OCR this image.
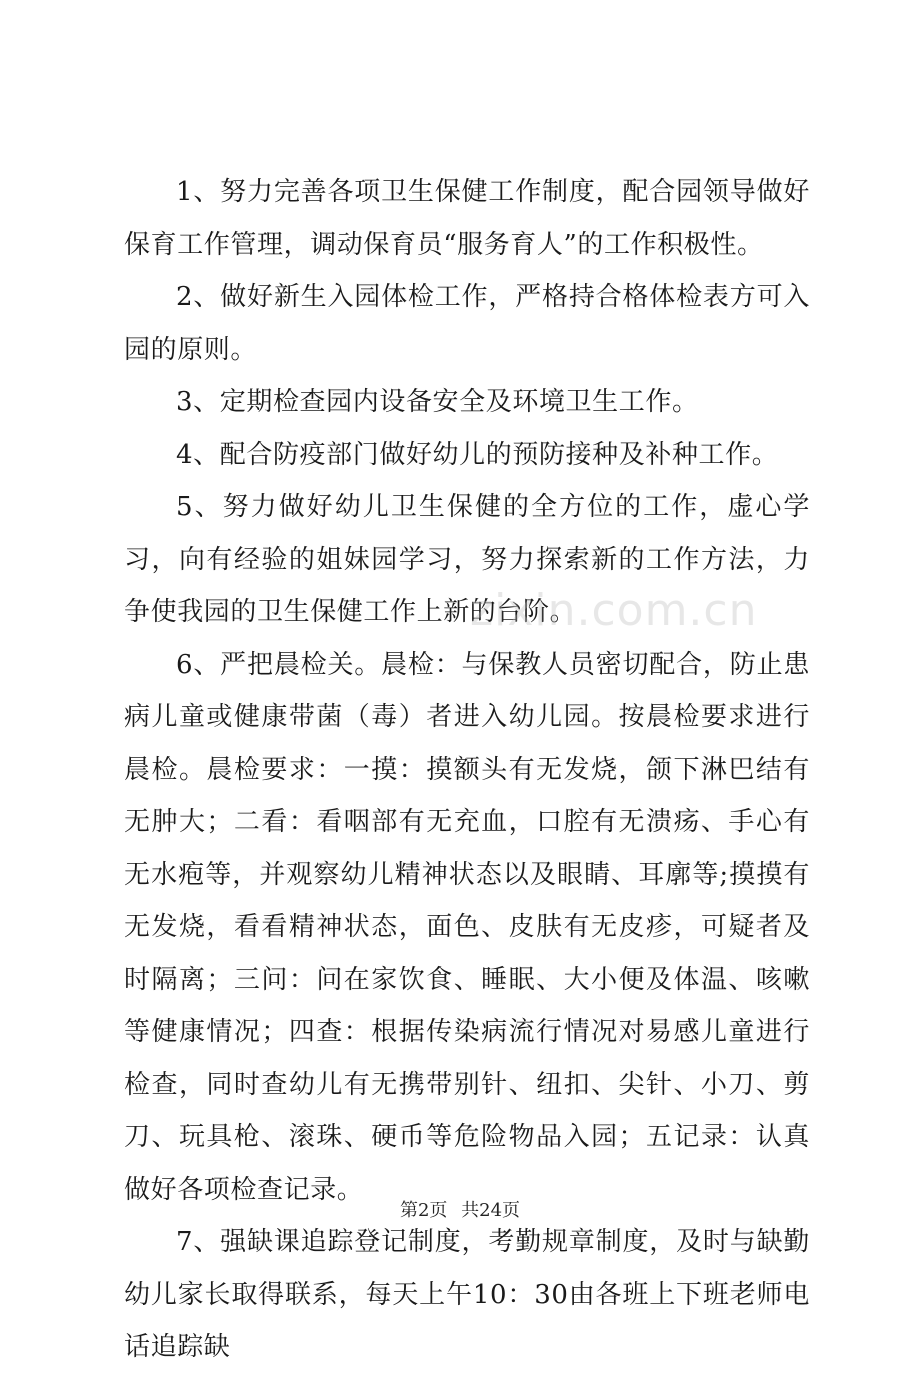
1、努力完善各项卫生保健工作制度，配合园领导做好保育工作管理，调动保育员“服务育人”的工作积极性。

2、做好新生入园体检工作，严格持合格体检表方可入园的原则。

3、定期检查园内设备安全及环境卫生工作。

4、配合防疫部门做好幼儿的预防接种及补种工作。

5、努力做好幼儿卫生保健的全方位的工作，虚心学习，向有经验的姐妹园学习，努力探索新的工作方法，力争使我园的卫生保健工作上新的台阶。

6、严把晨检关。晨检：与保教人员密切配合，防止患病儿童或健康带菌（毒）者进入幼儿园。按晨检要求进行晨检。晨检要求：一摸：摸额头有无发烧，颌下淋巴结有无肿大；二看：看咽部有无充血，口腔有无溃疡、手心有无水疱等，并观察幼儿精神状态以及眼睛、耳廓等;摸摸有无发烧，看看精神状态，面色、皮肤有无皮疹，可疑者及时隔离；三问：问在家饮食、睡眠、大小便及体温、咳嗽等健康情况；四查：根据传染病流行情况对易感儿童进行检查，同时查幼儿有无携带别针、纽扣、尖针、小刀、剪刀、玩具枪、滚珠、硬币等危险物品入园；五记录：认真做好各项检查记录。

7、强缺课追踪登记制度，考勤规章制度，及时与缺勤幼儿家长取得联系，每天上午10：30由各班上下班老师电话追踪缺

zixin.com.cn
第2页 共24页
